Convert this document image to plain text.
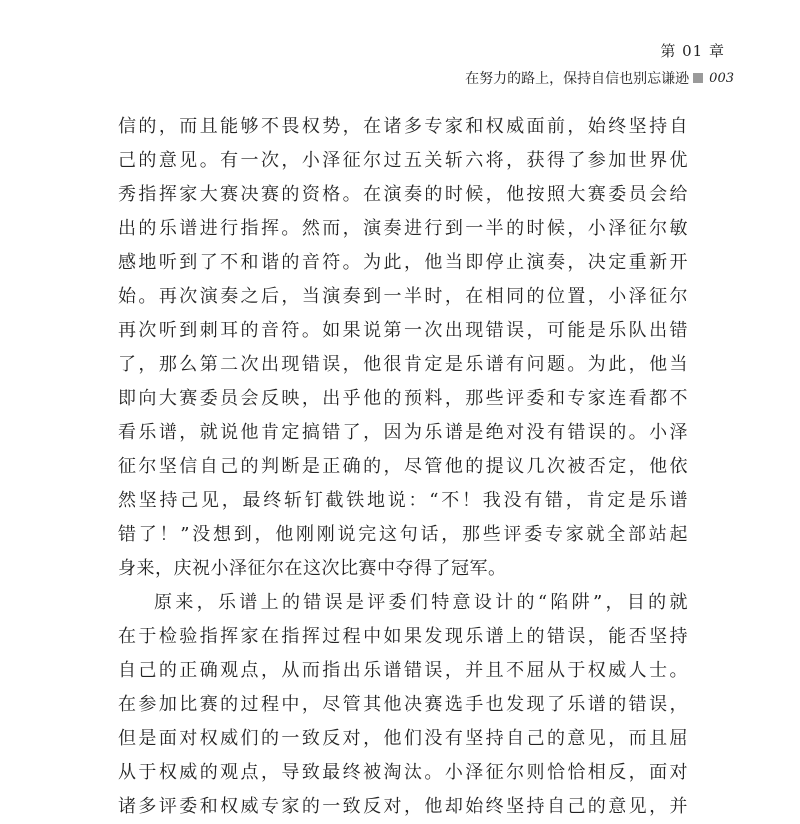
第 01 章
在努力的路上，保持自信也别忘谦逊 003
信的，而且能够不畏权势，在诸多专家和权威面前，始终坚持自
己的意见。有一次，小泽征尔过五关斩六将，获得了参加世界优
秀指挥家大赛决赛的资格。在演奏的时候，他按照大赛委员会给
出的乐谱进行指挥。然而，演奏进行到一半的时候，小泽征尔敏
感地听到了不和谐的音符。为此，他当即停止演奏，决定重新开
始。再次演奏之后，当演奏到一半时，在相同的位置，小泽征尔
再次听到刺耳的音符。如果说第一次出现错误，可能是乐队出错
了，那么第二次出现错误，他很肯定是乐谱有问题。为此，他当
即向大赛委员会反映，出乎他的预料，那些评委和专家连看都不
看乐谱，就说他肯定搞错了，因为乐谱是绝对没有错误的。小泽
征尔坚信自己的判断是正确的，尽管他的提议几次被否定，他依
然坚持己见，最终斩钉截铁地说：“不！我没有错，肯定是乐谱
错了！”没想到，他刚刚说完这句话，那些评委专家就全部站起
身来，庆祝小泽征尔在这次比赛中夺得了冠军。
原来，乐谱上的错误是评委们特意设计的“陷阱”，目的就
在于检验指挥家在指挥过程中如果发现乐谱上的错误，能否坚持
自己的正确观点，从而指出乐谱错误，并且不屈从于权威人士。
在参加比赛的过程中，尽管其他决赛选手也发现了乐谱的错误，
但是面对权威们的一致反对，他们没有坚持自己的意见，而且屈
从于权威的观点，导致最终被淘汰。小泽征尔则恰恰相反，面对
诸多评委和权威专家的一致反对，他却始终坚持自己的意见，并
